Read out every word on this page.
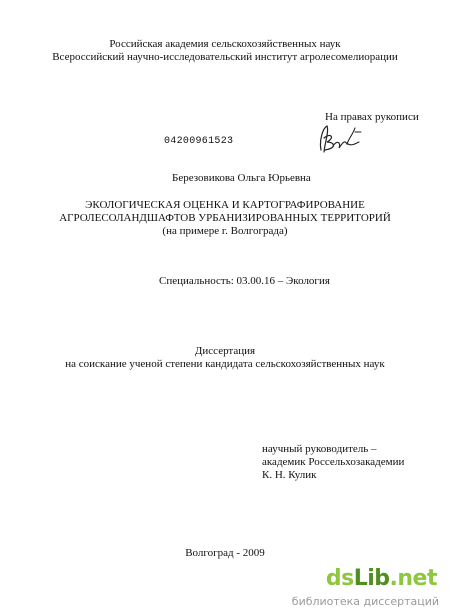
Российская академия сельскохозяйственных наук
Всероссийский научно-исследовательский институт агролесомелиорации
На правах рукописи
04200961523
Березовикова Ольга Юрьевна
ЭКОЛОГИЧЕСКАЯ ОЦЕНКА И КАРТОГРАФИРОВАНИЕ
АГРОЛЕСОЛАНДШАФТОВ УРБАНИЗИРОВАННЫХ ТЕРРИТОРИЙ
(на примере г. Волгограда)
Специальность: 03.00.16 – Экология
Диссертация
на соискание ученой степени кандидата сельскохозяйственных наук
научный руководитель –
академик Россельхозакадемии
К. Н. Кулик
Волгоград - 2009
dsLib.net
библиотека диссертаций
